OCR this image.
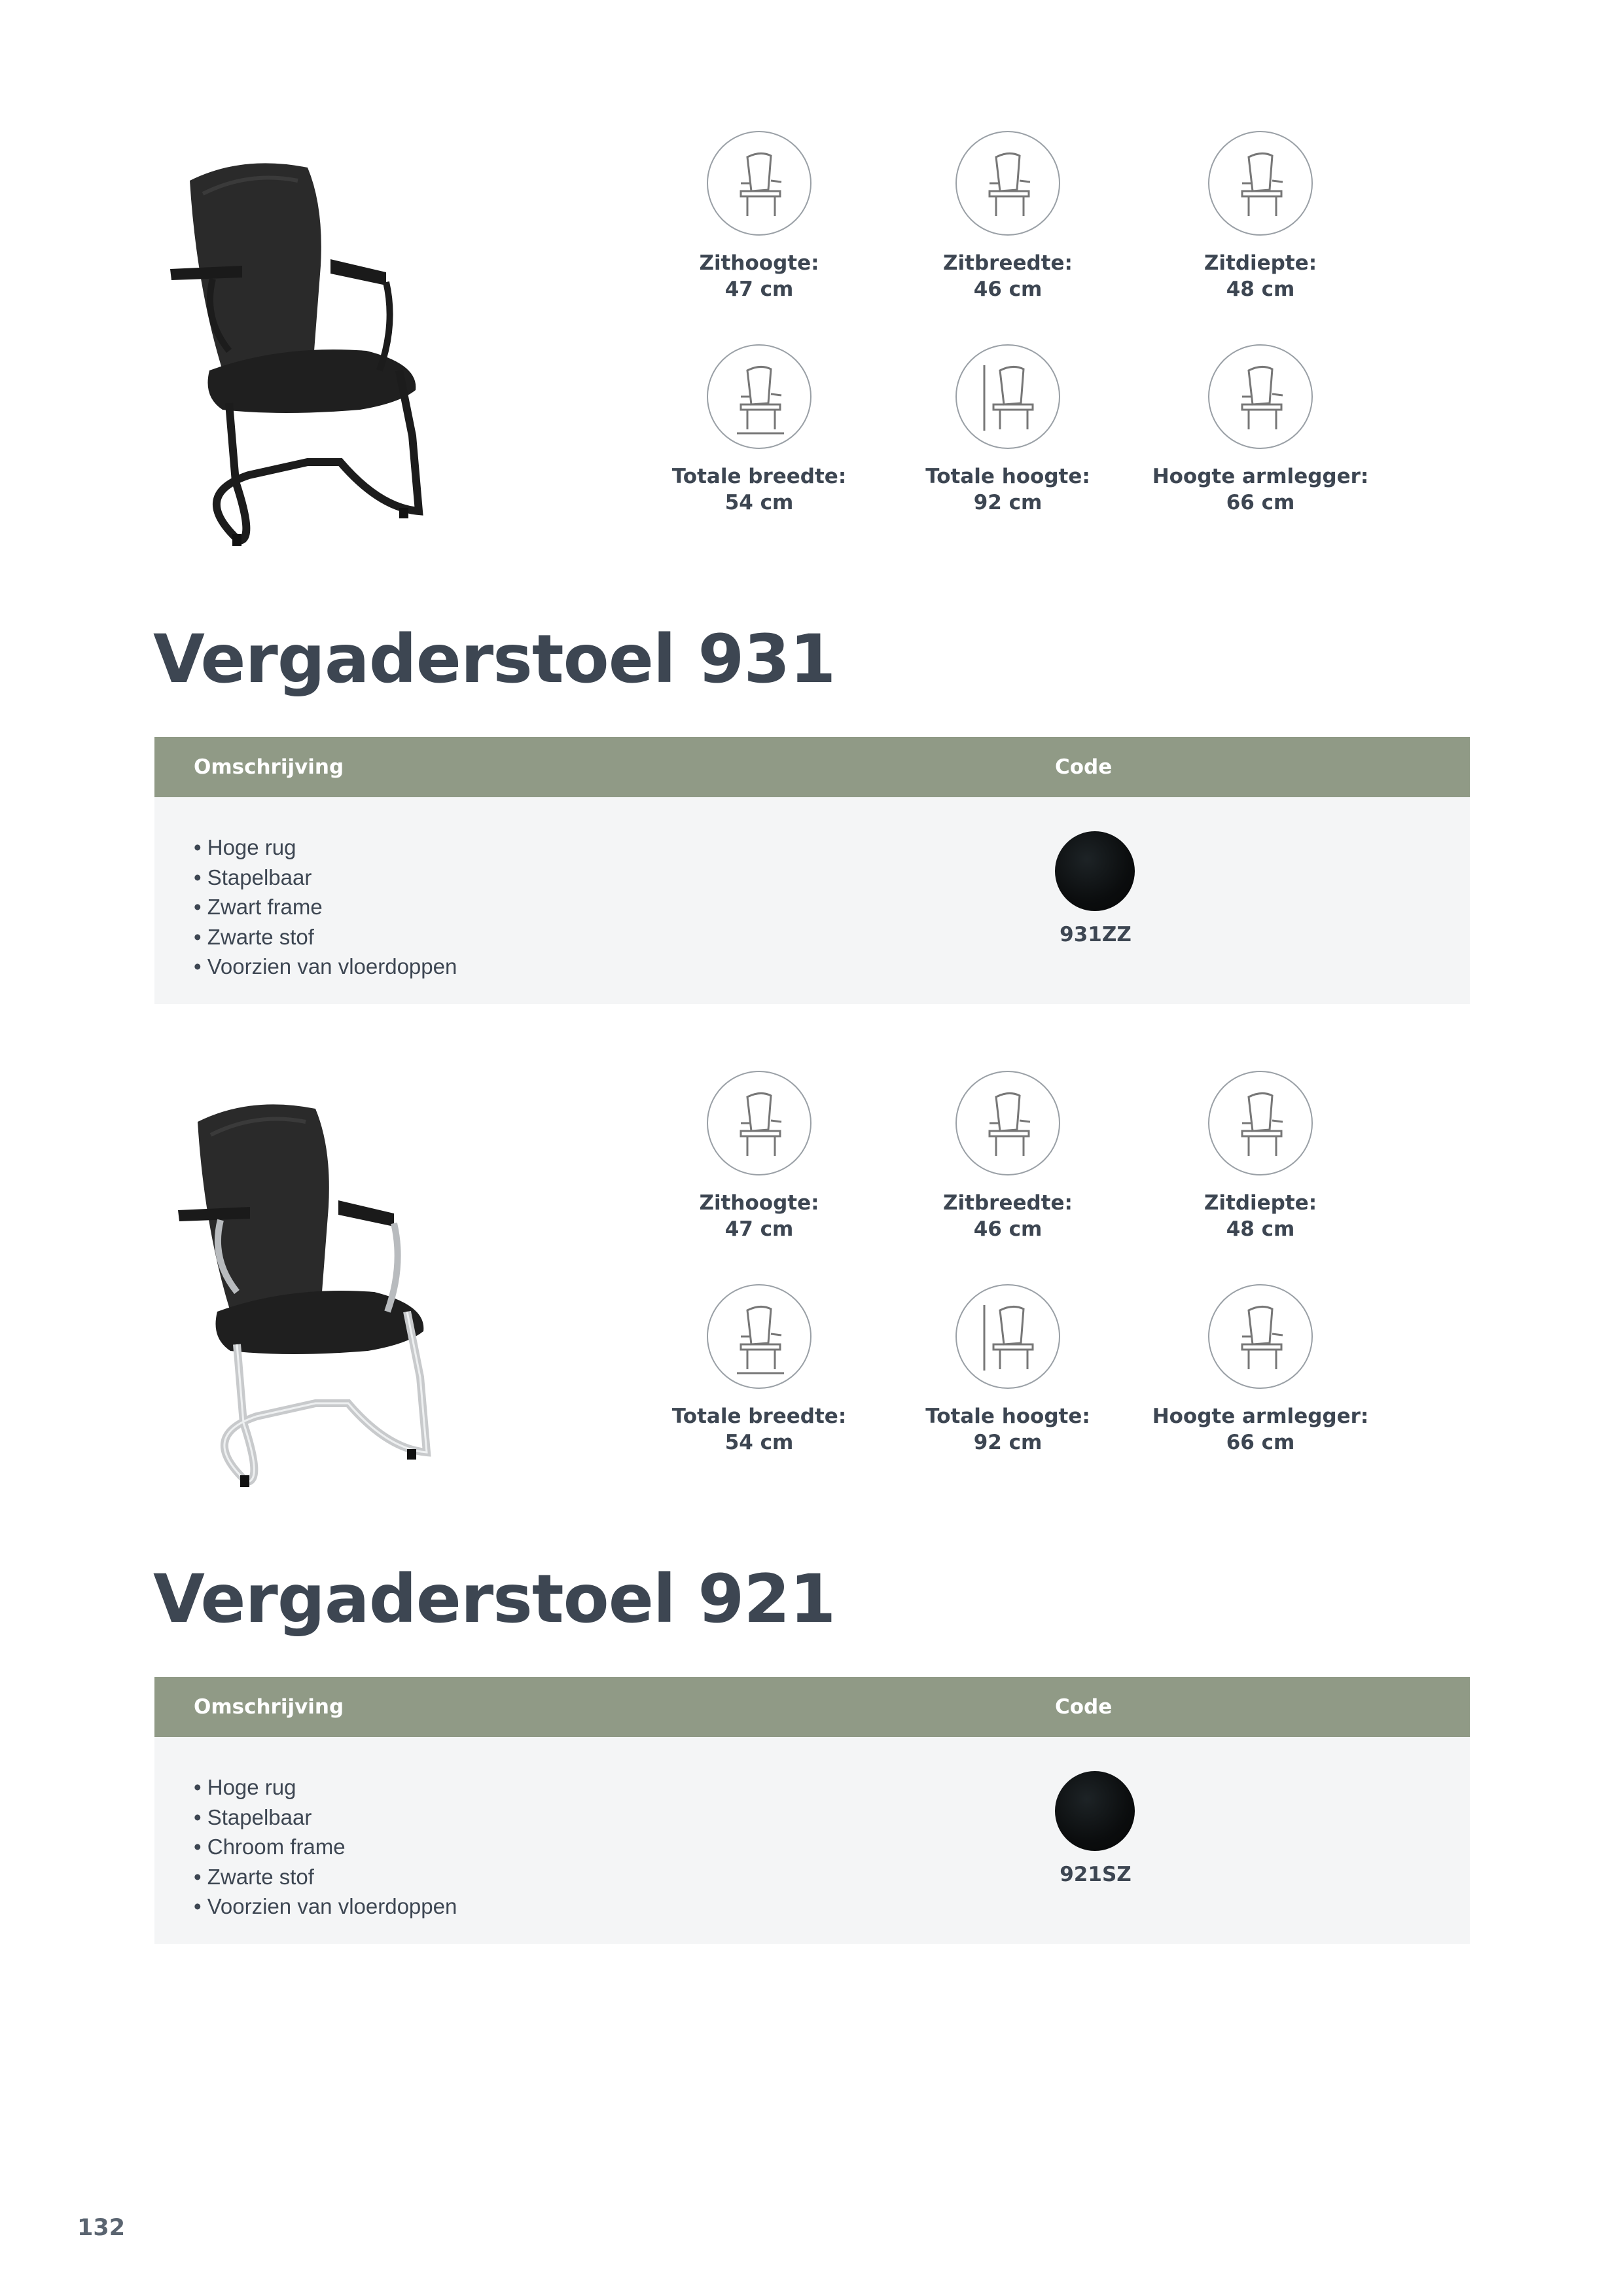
Zithoogte:
47 cm
Zitbreedte:
46 cm
Zitdiepte:
48 cm
Totale breedte:
54 cm
Totale hoogte:
92 cm
Hoogte armlegger:
66 cm
Vergaderstoel 931
Omschrijving	Code
• Hoge rug
• Stapelbaar
• Zwart frame
• Zwarte stof
• Voorzien van vloerdoppen
931ZZ
Zithoogte:
47 cm
Zitbreedte:
46 cm
Zitdiepte:
48 cm
Totale breedte:
54 cm
Totale hoogte:
92 cm
Hoogte armlegger:
66 cm
Vergaderstoel 921
Omschrijving	Code
• Hoge rug
• Stapelbaar
• Chroom frame
• Zwarte stof
• Voorzien van vloerdoppen
921SZ
132
